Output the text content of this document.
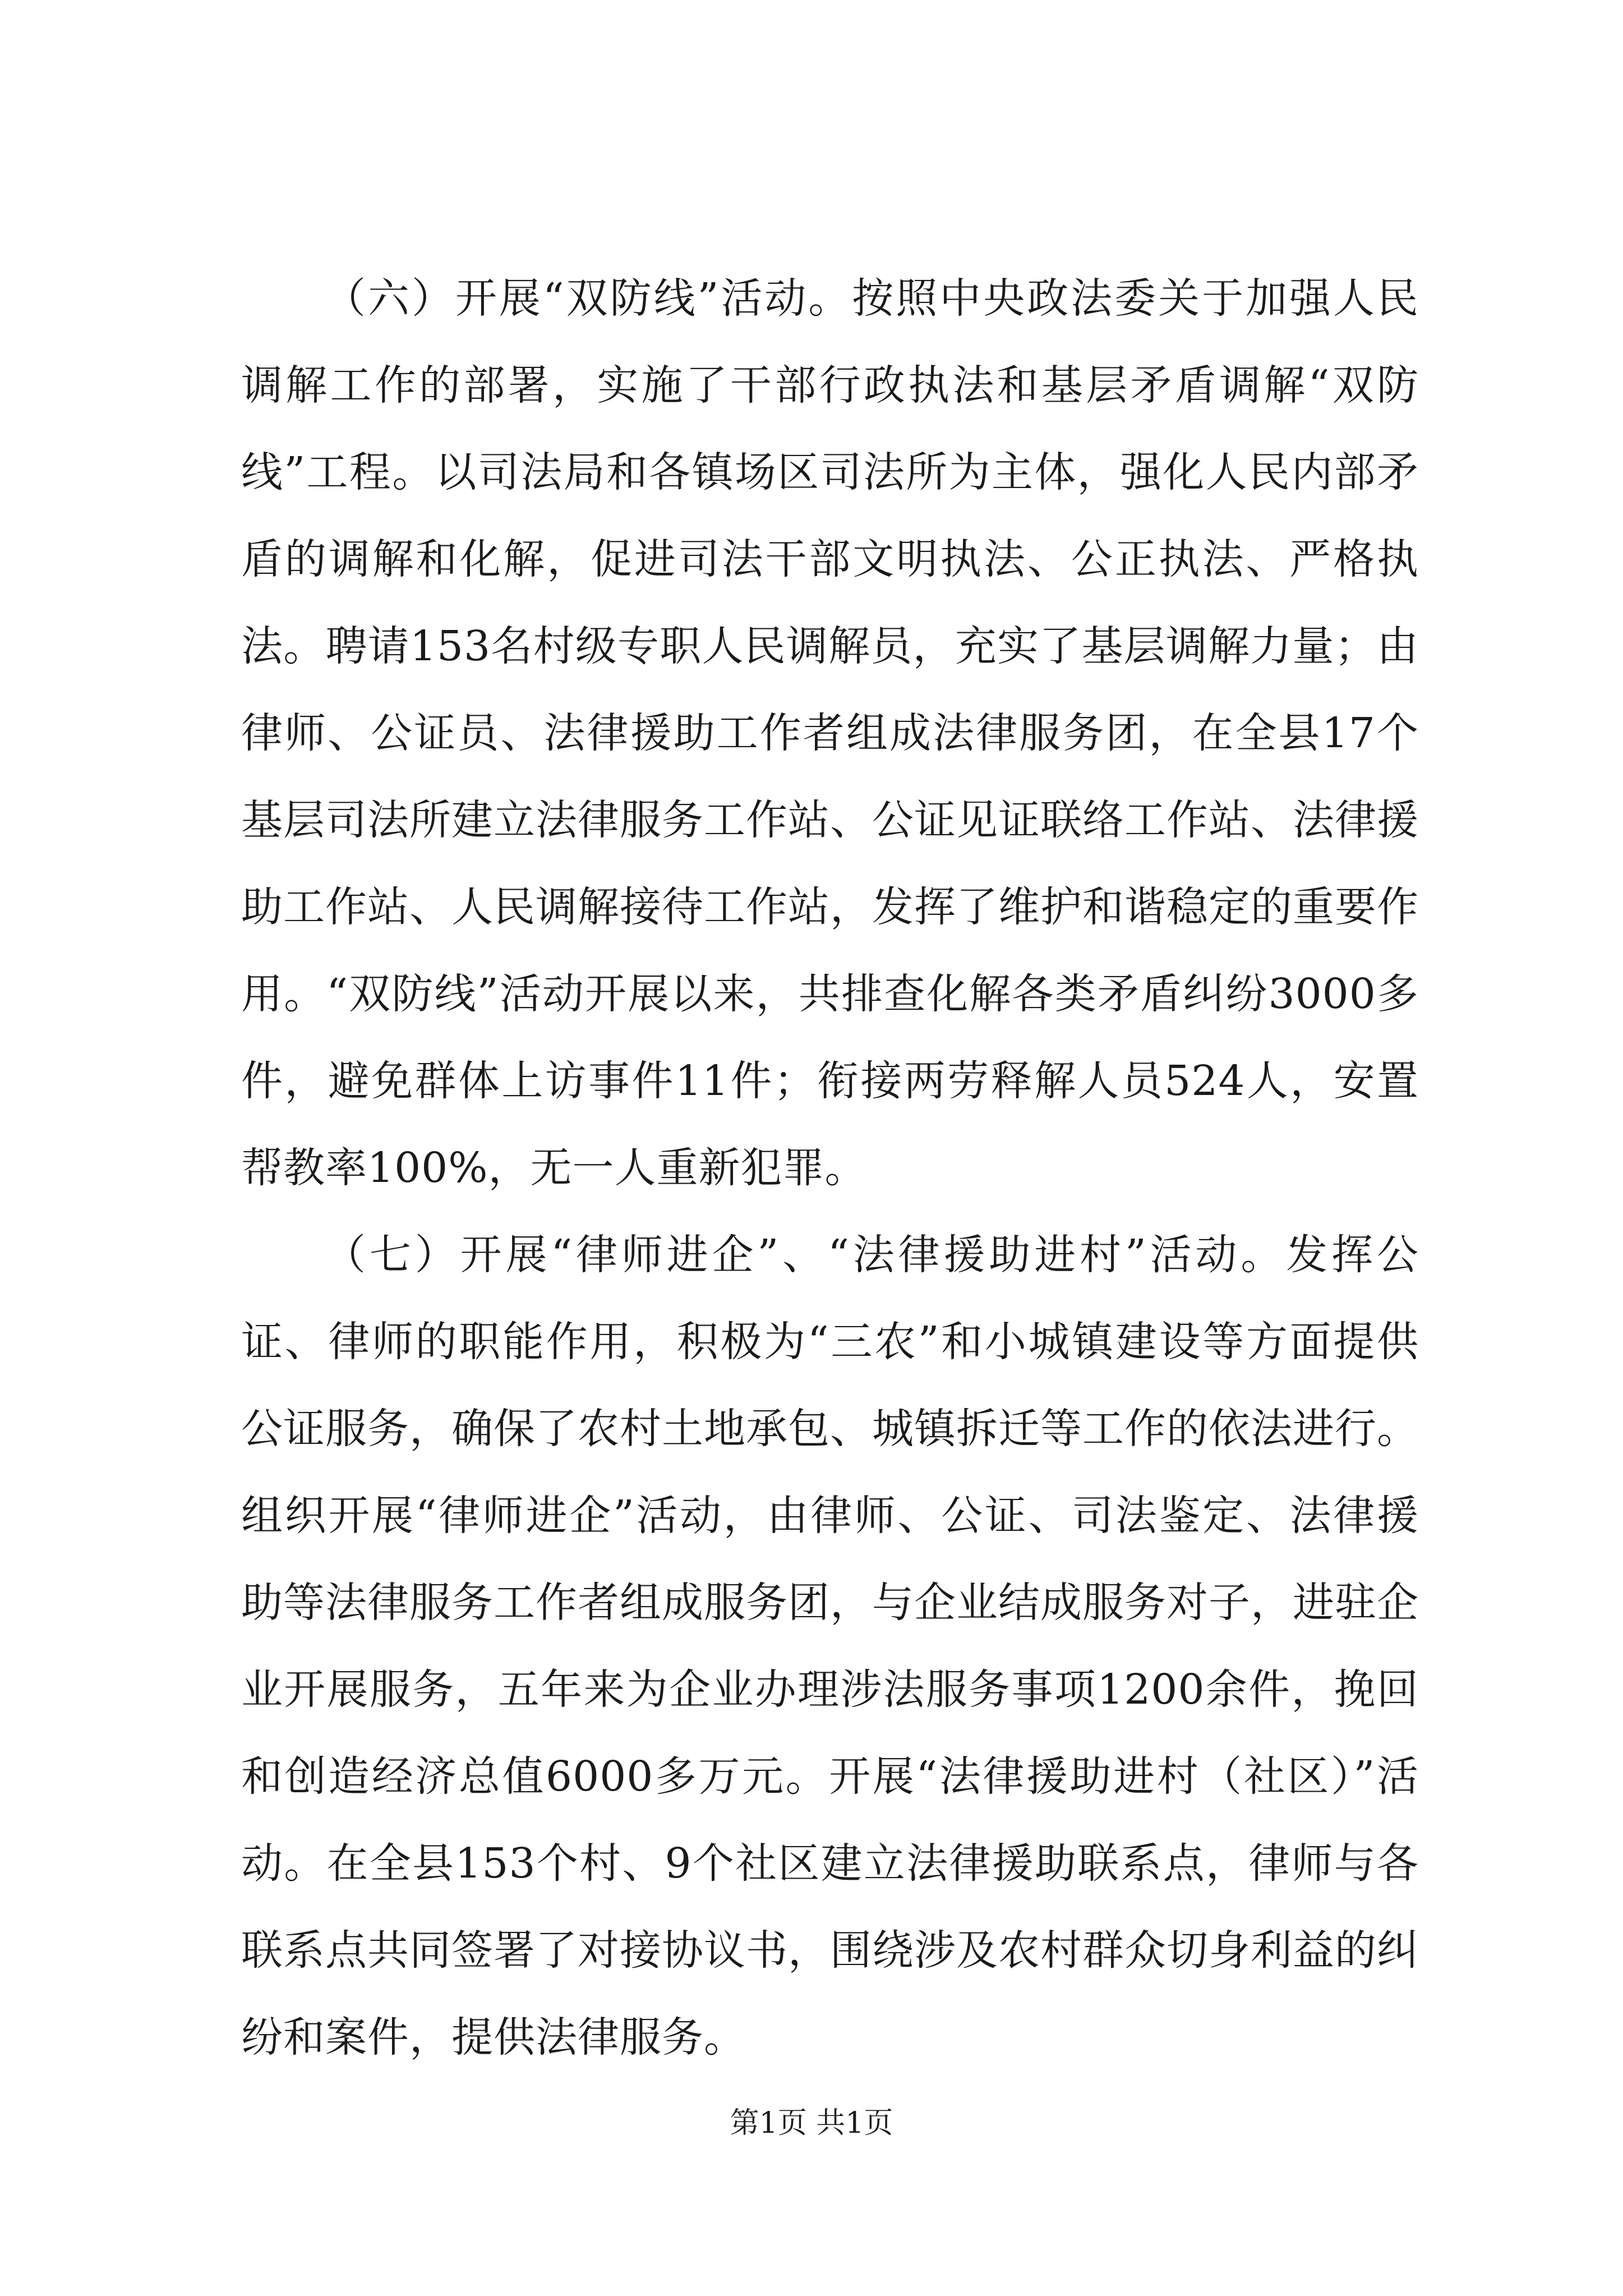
（六）开展“双防线”活动。按照中央政法委关于加强人民调解工作的部署，实施了干部行政执法和基层矛盾调解“双防线”工程。以司法局和各镇场区司法所为主体，强化人民内部矛盾的调解和化解，促进司法干部文明执法、公正执法、严格执法。聘请153名村级专职人民调解员，充实了基层调解力量；由律师、公证员、法律援助工作者组成法律服务团，在全县17个基层司法所建立法律服务工作站、公证见证联络工作站、法律援助工作站、人民调解接待工作站，发挥了维护和谐稳定的重要作用。“双防线”活动开展以来，共排查化解各类矛盾纠纷3000多件，避免群体上访事件11件；衔接两劳释解人员524人，安置帮教率100%，无一人重新犯罪。

（七）开展“律师进企”、“法律援助进村”活动。发挥公证、律师的职能作用，积极为“三农”和小城镇建设等方面提供公证服务，确保了农村土地承包、城镇拆迁等工作的依法进行。组织开展“律师进企”活动，由律师、公证、司法鉴定、法律援助等法律服务工作者组成服务团，与企业结成服务对子，进驻企业开展服务，五年来为企业办理涉法服务事项1200余件，挽回和创造经济总值6000多万元。开展“法律援助进村（社区）”活动。在全县153个村、9个社区建立法律援助联系点，律师与各联系点共同签署了对接协议书，围绕涉及农村群众切身利益的纠纷和案件，提供法律服务。

第1页 共1页
